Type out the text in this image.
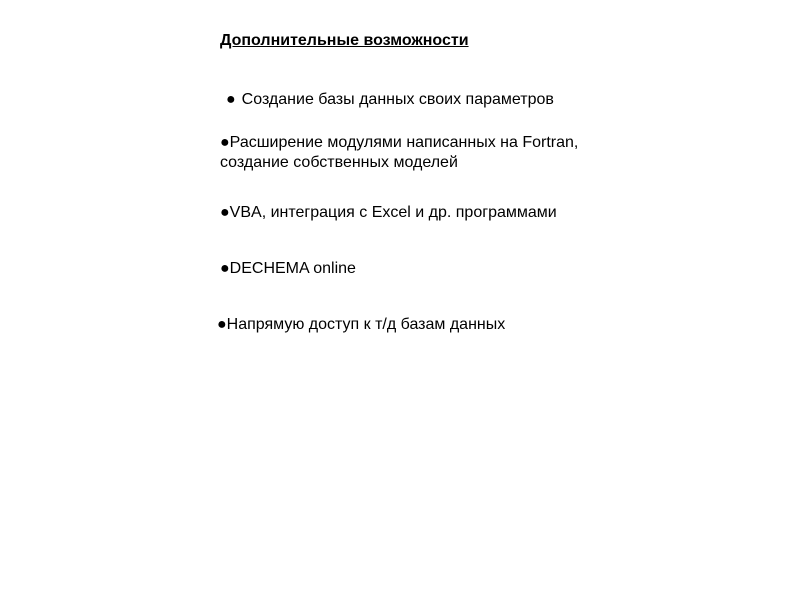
Дополнительные возможности
● Создание базы данных своих параметров
●Расширение модулями написанных на Fortran,
создание собственных моделей
●VBA, интеграция с Excel и др. программами
●DECHEMA online
●Напрямую доступ к т/д базам данных
